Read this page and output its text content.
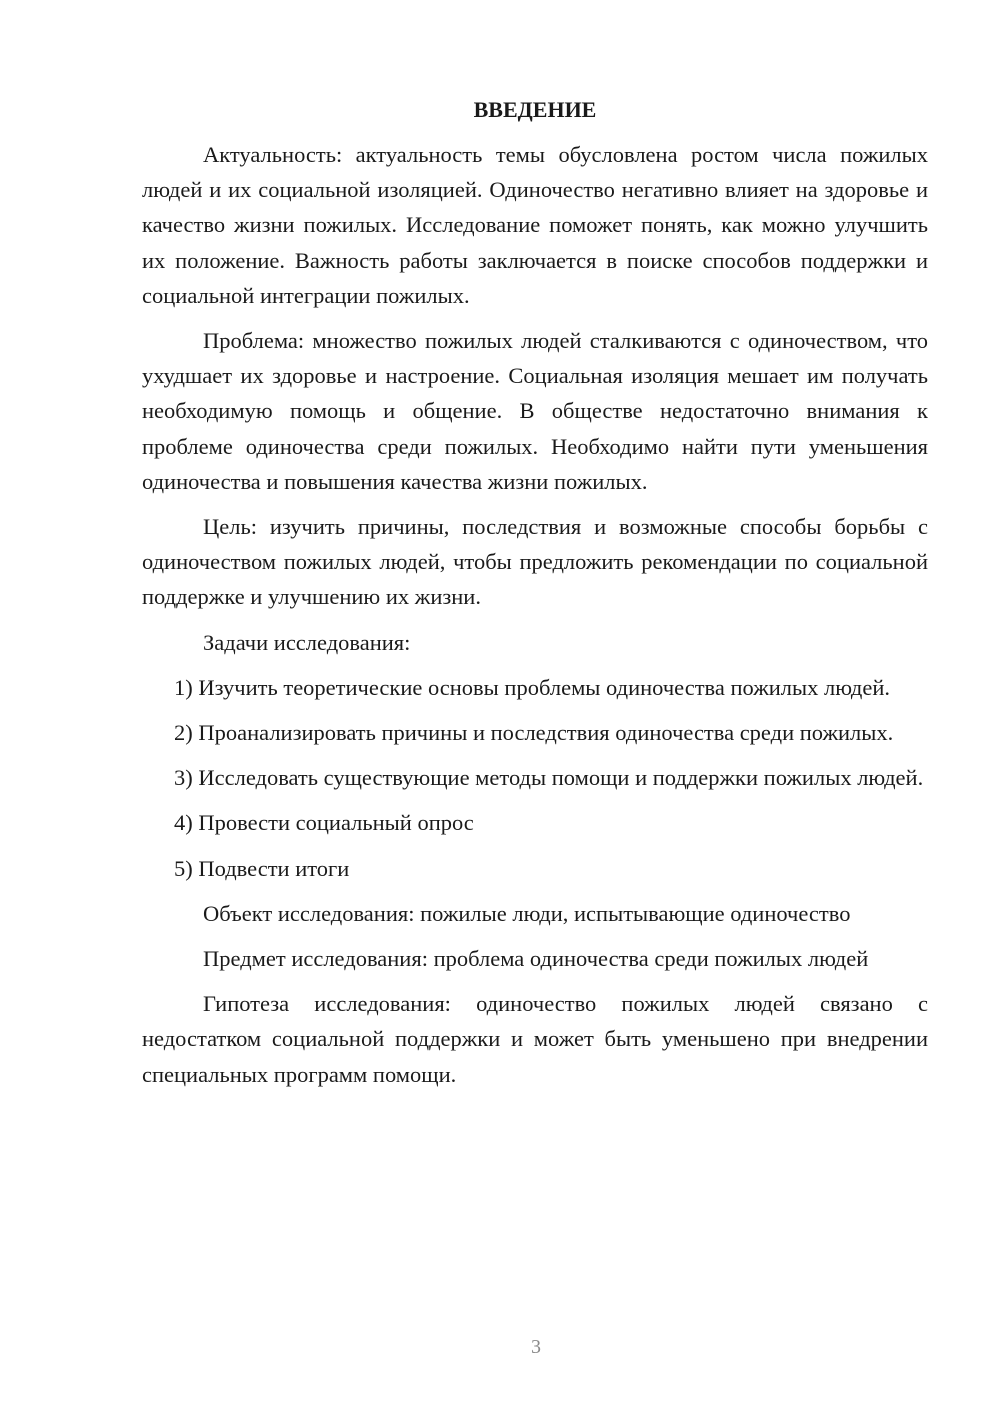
ВВЕДЕНИЕ

Актуальность: актуальность темы обусловлена ростом числа пожилых людей и их социальной изоляцией. Одиночество негативно влияет на здоровье и качество жизни пожилых. Исследование поможет понять, как можно улучшить их положение. Важность работы заключается в поиске способов поддержки и социальной интеграции пожилых.

Проблема: множество пожилых людей сталкиваются с одиночеством, что ухудшает их здоровье и настроение. Социальная изоляция мешает им получать необходимую помощь и общение. В обществе недостаточно внимания к проблеме одиночества среди пожилых. Необходимо найти пути уменьшения одиночества и повышения качества жизни пожилых.

Цель: изучить причины, последствия и возможные способы борьбы с одиночеством пожилых людей, чтобы предложить рекомендации по социальной поддержке и улучшению их жизни.

Задачи исследования:

1) Изучить теоретические основы проблемы одиночества пожилых людей.

2) Проанализировать причины и последствия одиночества среди пожилых.

3) Исследовать существующие методы помощи и поддержки пожилых людей.

4) Провести социальный опрос

5) Подвести итоги

Объект исследования: пожилые люди, испытывающие одиночество

Предмет исследования: проблема одиночества среди пожилых людей

Гипотеза исследования: одиночество пожилых людей связано с недостатком социальной поддержки и может быть уменьшено при внедрении специальных программ помощи.

3
